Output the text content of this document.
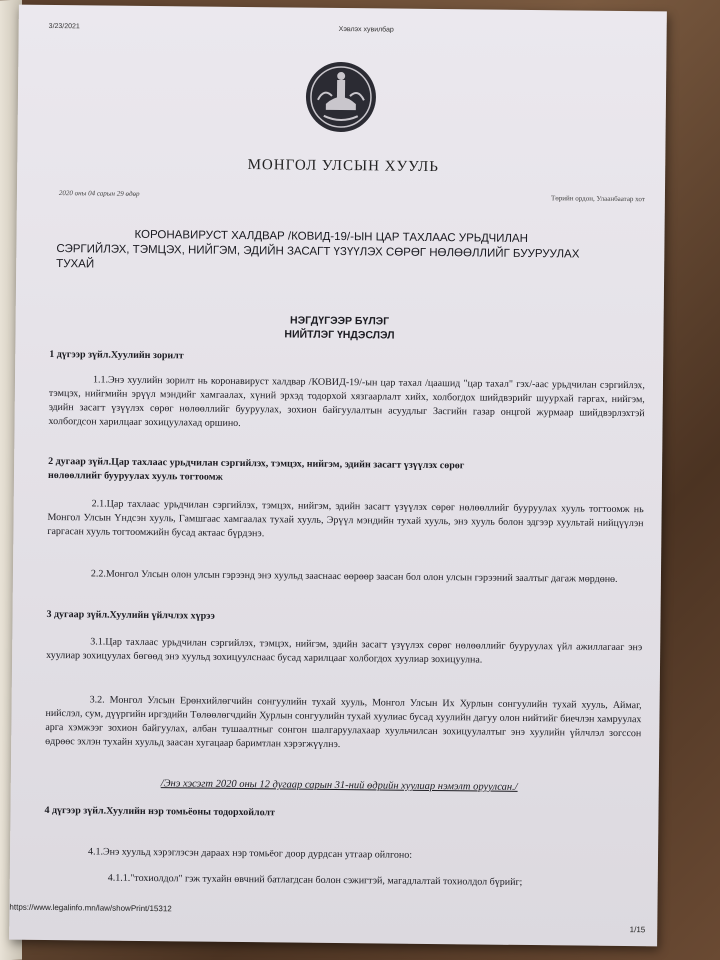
3/23/2021	Хэвлэх хувилбар
МОНГОЛ УЛСЫН ХУУЛЬ
2020 оны 04 сарын 29 өдөр
Төрийн ордон, Улаанбаатар хот
КОРОНАВИРУСТ ХАЛДВАР /КОВИД-19/-ЫН ЦАР ТАХЛААС УРЬДЧИЛАН
СЭРГИЙЛЭХ, ТЭМЦЭХ, НИЙГЭМ, ЭДИЙН ЗАСАГТ ҮЗҮҮЛЭХ СӨРӨГ НӨЛӨӨЛЛИЙГ БУУРУУЛАХ
ТУХАЙ
НЭГДҮГЭЭР БҮЛЭГ
НИЙТЛЭГ ҮНДЭСЛЭЛ
1 дүгээр зүйл.Хуулийн зорилт
1.1.Энэ хуулийн зорилт нь коронавируст халдвар /КОВИД-19/-ын цар тахал /цаашид "цар тахал" гэх/-аас урьдчилан сэргийлэх, тэмцэх, нийгмийн эрүүл мэндийг хамгаалах, хүний эрхэд тодорхой хязгаарлалт хийх, холбогдох шийдвэрийг шуурхай гаргах, нийгэм, эдийн засагт үзүүлэх сөрөг нөлөөллийг бууруулах, зохион байгуулалтын асуудлыг Засгийн газар онцгой журмаар шийдвэрлэхтэй холбогдсон харилцааг зохицуулахад оршино.
2 дугаар зүйл.Цар тахлаас урьдчилан сэргийлэх, тэмцэх, нийгэм, эдийн засагт үзүүлэх сөрөг
нөлөөллийг бууруулах хууль тогтоомж
2.1.Цар тахлаас урьдчилан сэргийлэх, тэмцэх, нийгэм, эдийн засагт үзүүлэх сөрөг нөлөөллийг бууруулах хууль тогтоомж нь Монгол Улсын Үндсэн хууль, Гамшгаас хамгаалах тухай хууль, Эрүүл мэндийн тухай хууль, энэ хууль болон эдгээр хуультай нийцүүлэн гаргасан хууль тогтоомжийн бусад актаас бүрдэнэ.
2.2.Монгол Улсын олон улсын гэрээнд энэ хуульд зааснаас өөрөөр заасан бол олон улсын гэрээний заалтыг дагаж мөрдөнө.
3 дугаар зүйл.Хуулийн үйлчлэх хүрээ
3.1.Цар тахлаас урьдчилан сэргийлэх, тэмцэх, нийгэм, эдийн засагт үзүүлэх сөрөг нөлөөллийг бууруулах үйл ажиллагааг энэ хуулиар зохицуулах бөгөөд энэ хуульд зохицуулснаас бусад харилцааг холбогдох хуулиар зохицуулна.
3.2. Монгол Улсын Ерөнхийлөгчийн сонгуулийн тухай хууль, Монгол Улсын Их Хурлын сонгуулийн тухай хууль, Аймаг, нийслэл, сум, дүүргийн иргэдийн Төлөөлөгчдийн Хурлын сонгуулийн тухай хуулиас бусад хуулийн дагуу олон нийтийг биечлэн хамруулах арга хэмжээг зохион байгуулах, албан тушаалтныг сонгон шалгаруулахаар хуульчилсан зохицуулалтыг энэ хуулийн үйлчлэл зогссон өдрөөс эхлэн тухайн хуульд заасан хугацаар баримтлан хэрэгжүүлнэ.
/Энэ хэсэгт 2020 оны 12 дугаар сарын 31-ний өдрийн хуулиар нэмэлт оруулсан./
4 дүгээр зүйл.Хуулийн нэр томьёоны тодорхойлолт
4.1.Энэ хуульд хэрэглэсэн дараах нэр томьёог доор дурдсан утгаар ойлгоно:
4.1.1."тохиолдол" гэж тухайн өвчний батлагдсан болон сэжигтэй, магадлалтай тохиолдол бүрийг;
https://www.legalinfo.mn/law/showPrint/15312
1/15
